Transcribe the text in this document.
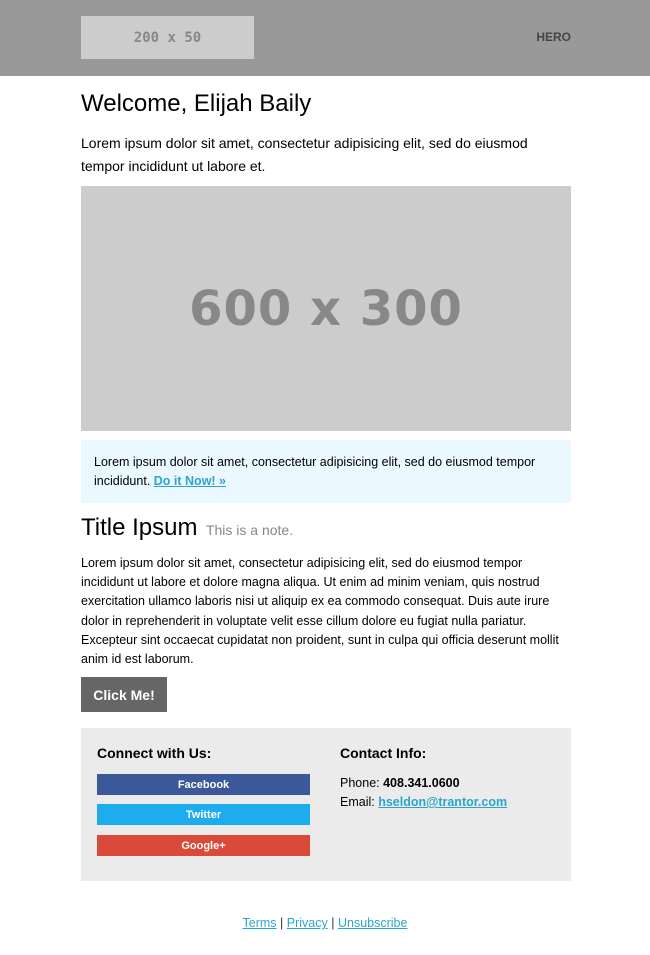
200 x 50	HERO
Welcome, Elijah Baily

Lorem ipsum dolor sit amet, consectetur adipisicing elit, sed do eiusmod tempor incididunt ut labore et.

600 x 300
Lorem ipsum dolor sit amet, consectetur adipisicing elit, sed do eiusmod tempor incididunt. Do it Now! »
Title Ipsum This is a note.

Lorem ipsum dolor sit amet, consectetur adipisicing elit, sed do eiusmod tempor incididunt ut labore et dolore magna aliqua. Ut enim ad minim veniam, quis nostrud exercitation ullamco laboris nisi ut aliquip ex ea commodo consequat. Duis aute irure dolor in reprehenderit in voluptate velit esse cillum dolore eu fugiat nulla pariatur. Excepteur sint occaecat cupidatat non proident, sunt in culpa qui officia deserunt mollit anim id est laborum.

Click Me!
Connect with Us:
Facebook
Twitter
Google+
Contact Info:
Phone: 408.341.0600
Email: hseldon@trantor.com
Terms | Privacy | Unsubscribe
